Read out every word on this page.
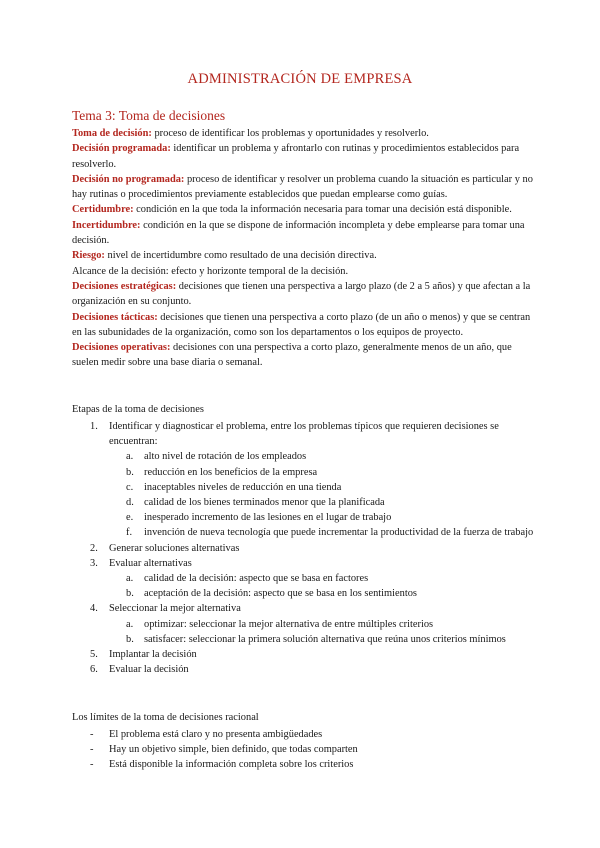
ADMINISTRACIÓN DE EMPRESA
Tema 3: Toma de decisiones

Toma de decisión: proceso de identificar los problemas y oportunidades y resolverlo.

Decisión programada: identificar un problema y afrontarlo con rutinas y procedimientos establecidos para resolverlo.

Decisión no programada: proceso de identificar y resolver un problema cuando la situación es particular y no hay rutinas o procedimientos previamente establecidos que puedan emplearse como guías.

Certidumbre: condición en la que toda la información necesaria para tomar una decisión está disponible.

Incertidumbre: condición en la que se dispone de información incompleta y debe emplearse para tomar una decisión.

Riesgo: nivel de incertidumbre como resultado de una decisión directiva.

Alcance de la decisión: efecto y horizonte temporal de la decisión.

Decisiones estratégicas: decisiones que tienen una perspectiva a largo plazo (de 2 a 5 años) y que afectan a la organización en su conjunto.

Decisiones tácticas: decisiones que tienen una perspectiva a corto plazo (de un año o menos) y que se centran en las subunidades de la organización, como son los departamentos o los equipos de proyecto.

Decisiones operativas: decisiones con una perspectiva a corto plazo, generalmente menos de un año, que suelen medir sobre una base diaria o semanal.

Etapas de la toma de decisiones

1.	Identificar y diagnosticar el problema, entre los problemas típicos que requieren decisiones se encuentran:
a. alto nivel de rotación de los empleados
b. reducción en los beneficios de la empresa
c. inaceptables niveles de reducción en una tienda
d. calidad de los bienes terminados menor que la planificada
e. inesperado incremento de las lesiones en el lugar de trabajo
f. invención de nueva tecnología que puede incrementar la productividad de la fuerza de trabajo
2.	Generar soluciones alternativas
3.	Evaluar alternativas
a. calidad de la decisión: aspecto que se basa en factores
b. aceptación de la decisión: aspecto que se basa en los sentimientos
4.	Seleccionar la mejor alternativa
a. optimizar: seleccionar la mejor alternativa de entre múltiples criterios
b. satisfacer: seleccionar la primera solución alternativa que reúna unos criterios mínimos
5.	Implantar la decisión
6.	Evaluar la decisión

Los límites de la toma de decisiones racional

- El problema está claro y no presenta ambigüedades
- Hay un objetivo simple, bien definido, que todas comparten
- Está disponible la información completa sobre los criterios
